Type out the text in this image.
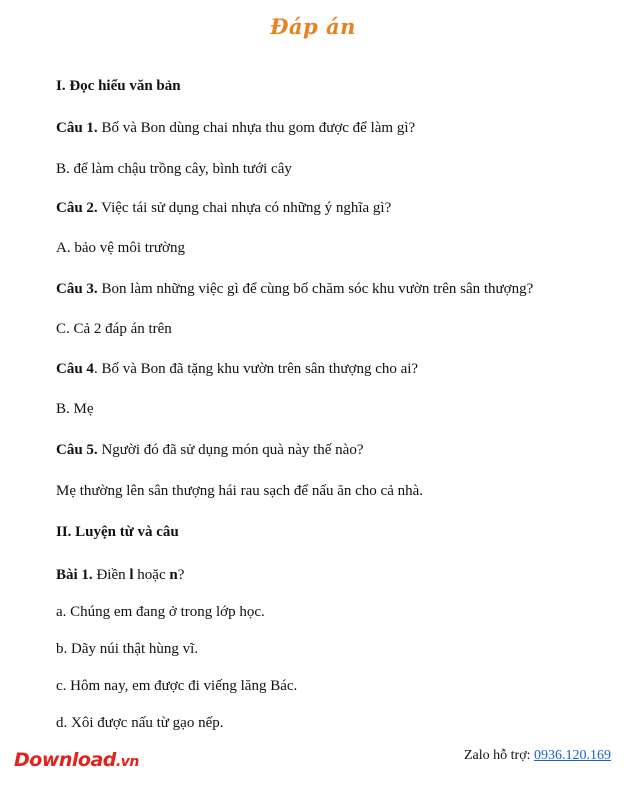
Đáp án
I. Đọc hiểu văn bản
Câu 1. Bố và Bon dùng chai nhựa thu gom được để làm gì?
B. để làm chậu trồng cây, bình tưới cây
Câu 2. Việc tái sử dụng chai nhựa có những ý nghĩa gì?
A. bảo vệ môi trường
Câu 3. Bon làm những việc gì để cùng bố chăm sóc khu vườn trên sân thượng?
C. Cả 2 đáp án trên
Câu 4. Bố và Bon đã tặng khu vườn trên sân thượng cho ai?
B. Mẹ
Câu 5. Người đó đã sử dụng món quà này thế nào?
Mẹ thường lên sân thượng hái rau sạch để nấu ăn cho cả nhà.
II. Luyện từ và câu
Bài 1. Điền l hoặc n?
a. Chúng em đang ở trong lớp học.
b. Dãy núi thật hùng vĩ.
c. Hôm nay, em được đi viếng lăng Bác.
d. Xôi được nấu từ gạo nếp.
Download.vn	Zalo hỗ trợ: 0936.120.169
